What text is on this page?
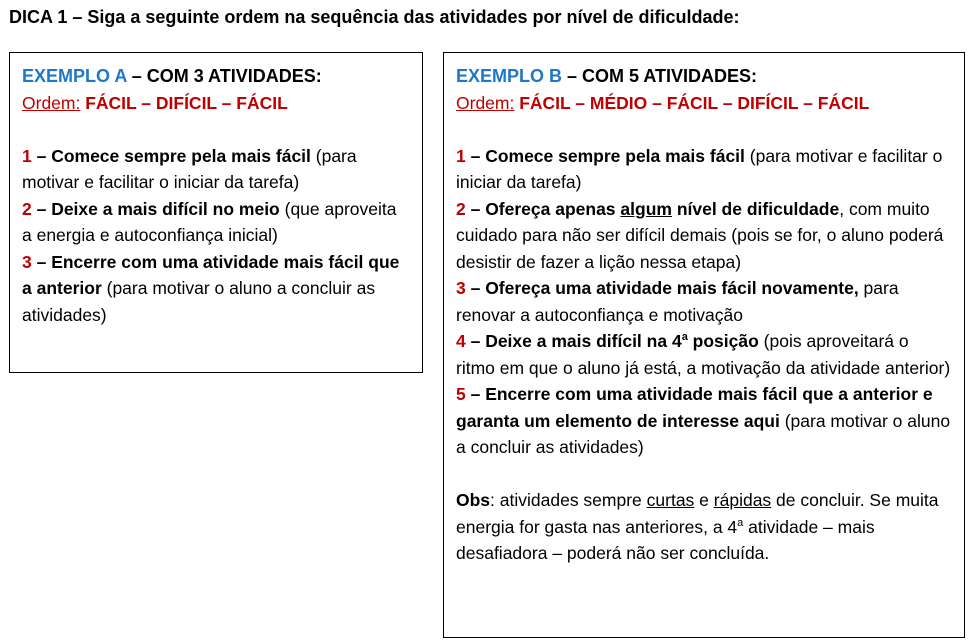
DICA 1 – Siga a seguinte ordem na sequência das atividades por nível de dificuldade:

EXEMPLO A – COM 3 ATIVIDADES:

Ordem: FÁCIL – DIFÍCIL – FÁCIL

1 – Comece sempre pela mais fácil (para motivar e facilitar o iniciar da tarefa)

2 – Deixe a mais difícil no meio (que aproveita a energia e autoconfiança inicial)

3 – Encerre com uma atividade mais fácil que a anterior (para motivar o aluno a concluir as atividades)

EXEMPLO B – COM 5 ATIVIDADES:

Ordem: FÁCIL – MÉDIO – FÁCIL – DIFÍCIL – FÁCIL

1 – Comece sempre pela mais fácil (para motivar e facilitar o iniciar da tarefa)

2 – Ofereça apenas algum nível de dificuldade, com muito cuidado para não ser difícil demais (pois se for, o aluno poderá desistir de fazer a lição nessa etapa)

3 – Ofereça uma atividade mais fácil novamente, para renovar a autoconfiança e motivação

4 – Deixe a mais difícil na 4$^a$ posição (pois aproveitará o ritmo em que o aluno já está, a motivação da atividade anterior)

5 – Encerre com uma atividade mais fácil que a anterior e garanta um elemento de interesse aqui (para motivar o aluno a concluir as atividades)

Obs: atividades sempre curtas e rápidas de concluir. Se muita energia for gasta nas anteriores, a 4$^a$ atividade – mais desafiadora – poderá não ser concluída.
